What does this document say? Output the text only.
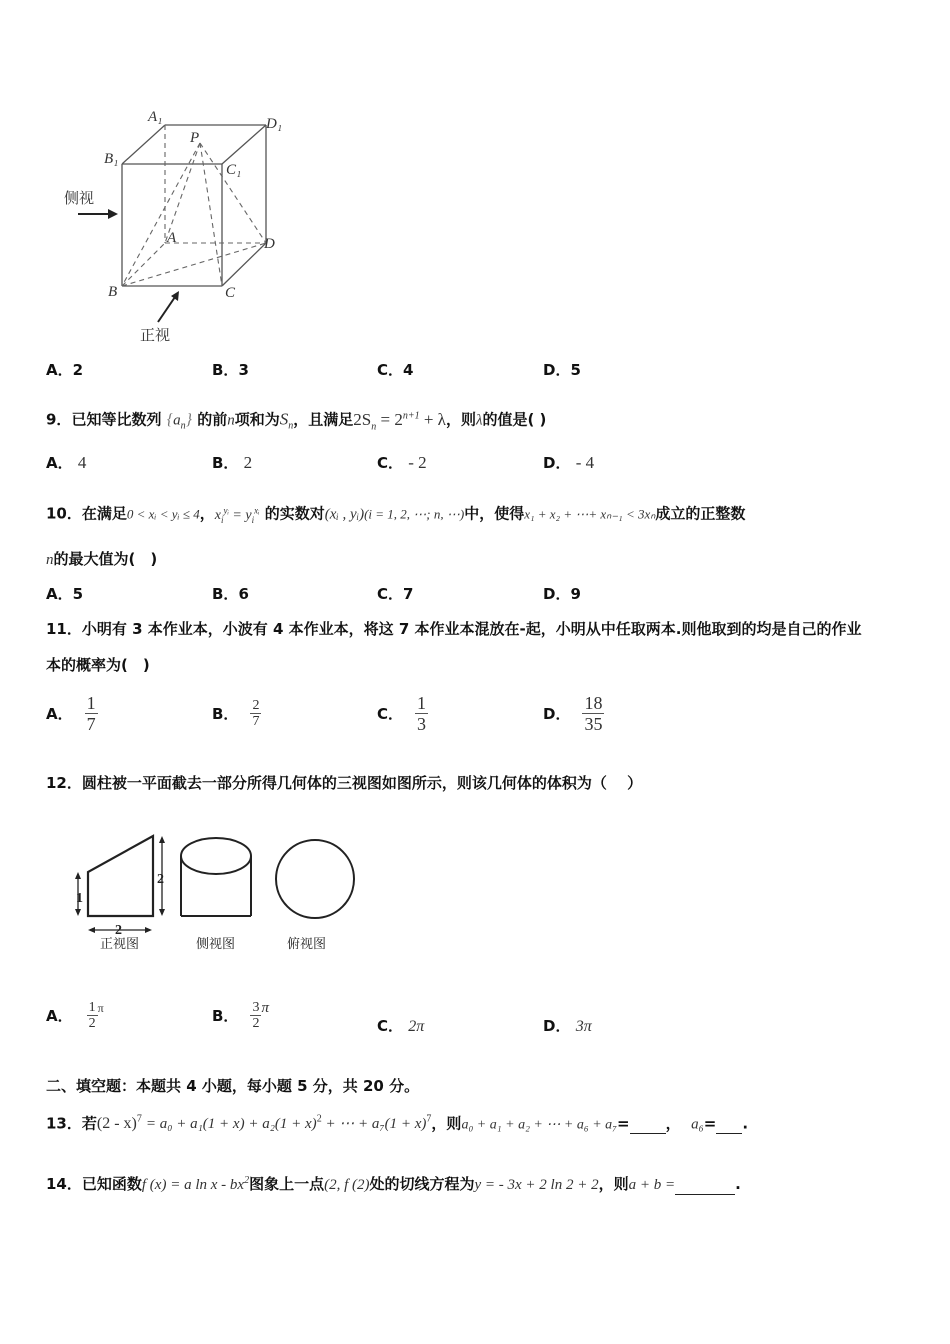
A₁	D₁
B₁
C₁
P
A	D
B	C
侧视
正视
A．2	B．3	C．4	D．5
9．已知等比数列 $\{a_n\}$ 的前n项和为$S_n$，且满足$2S_n = 2^{n+1} + \lambda$，则λ的值是( )
A． 4	B． 2	C． - 2	D． - 4
10．在满足0 < xᵢ < yᵢ ≤ 4，$x_i^{yᵢ} = y_i^{xᵢ}$ 的实数对(xᵢ , yᵢ)(i = 1, 2, ⋯; n, ⋯)中，使得x₁ + x₂ + ⋯+ xₙ₋₁ < 3xₙ成立的正整数
n的最大值为(　)
A．5	B．6	C．7	D．9
11．小明有 3 本作业本，小波有 4 本作业本，将这 7 本作业本混放在-起，小明从中任取两本.则他取到的均是自己的作业
本的概率为(　)
A． $\frac{1}{7}$	B． $\frac{2}{7}$	C． $\frac{1}{3}$	D． $\frac{18}{35}$
12．圆柱被一平面截去一部分所得几何体的三视图如图所示，则该几何体的体积为（　 ）
1
2
2
正视图	侧视图	俯视图
A． $\frac{1}{2}$ π	B． $\frac{3}{2}$ π
C． 2π	D． 3π
二、填空题：本题共 4 小题，每小题 5 分，共 20 分。
13．若$(2 - x)^7 = a_0 + a_1(1 + x) + a_2(1 + x)^2$ + ⋯ + $a_7(1 + x)^7$，则a₀ + a₁ + a₂ + ⋯ + a₆ + a₇= ， a₆= .
14．已知函数f (x) = a ln x - $bx^2$图象上一点(2, f (2)处的切线方程为y = - 3x + 2 ln 2 + 2，则a + b =	.
